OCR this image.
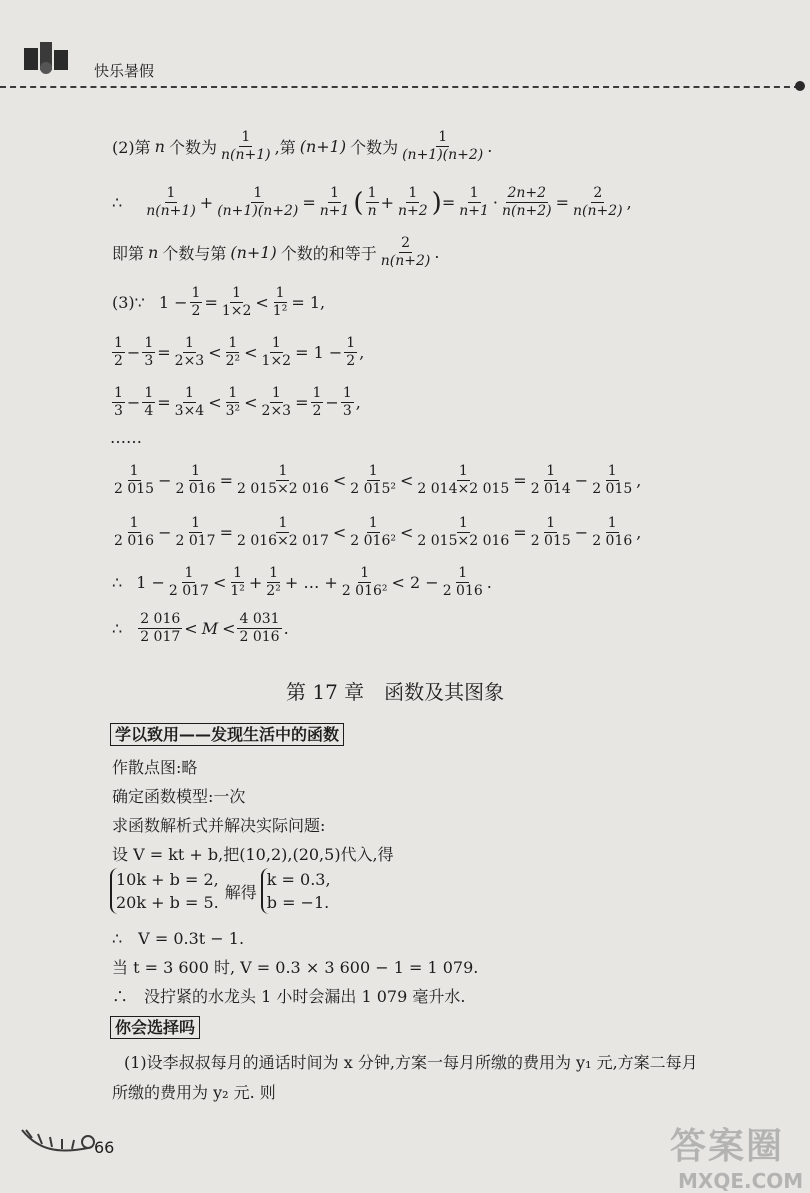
快乐暑假
(2)第 n 个数为 $\frac{1}{n(n+1)}$ ,第 (n+1) 个数为 $\frac{1}{(n+1)(n+2)}$ .
∴ $\frac{1}{n(n+1)} + \frac{1}{(n+1)(n+2)} = \frac{1}{n+1}$ ( $\frac{1}{n} + \frac{1}{n+2}$ ) = $\frac{1}{n+1} \cdot \frac{2n+2}{n(n+2)} = \frac{2}{n(n+2)}$ ,
即第 n 个数与第 (n+1) 个数的和等于 $\frac{2}{n(n+2)}$ .
(3)∵ $1 - \frac{1}{2} = \frac{1}{1\times 2} < \frac{1}{\text{1²}} = 1$,
$\frac{1}{2} - \frac{1}{3} = \frac{1}{2\times 3} < \frac{1}{\text{2²}} < \frac{1}{1\times 2} = 1 - \frac{1}{2}$ ,
$\frac{1}{3} - \frac{1}{4} = \frac{1}{3\times 4} < \frac{1}{\text{3²}} < \frac{1}{2\times 3} = \frac{1}{2} - \frac{1}{3}$ ,
……
$\frac{1}{2 015} - \frac{1}{2 016} = \frac{1}{2 015\times 2 016} < \frac{1}{\text{2 015²}} < \frac{1}{2 014\times 2 015} = \frac{1}{2 014} - \frac{1}{2 015}$ ,
$\frac{1}{2 016} - \frac{1}{2 017} = \frac{1}{2 016\times 2 017} < \frac{1}{\text{2 016²}} < \frac{1}{2 015\times 2 016} = \frac{1}{2 015} - \frac{1}{2 016}$ ,
∴ $1 - \frac{1}{2 017} < \frac{1}{\text{1²}} + \frac{1}{\text{2²}}$ + … + $\frac{1}{\text{2 016²}} < 2 - \frac{1}{2 016}$ .
∴ $\frac{2 016}{2 017} < M < \frac{4 031}{2 016}$ .
第 17 章　函数及其图象
学以致用——发现生活中的函数
作散点图:略
确定函数模型:一次
求函数解析式并解决实际问题:
设 V = kt + b,把(10,2),(20,5)代入,得
10k + b = 2,
20k + b = 5.
解得
k = 0.3,
b = −1.
∴　V = 0.3t − 1.
当 t = 3 600 时, V = 0.3 × 3 600 − 1 = 1 079.
∴　没拧紧的水龙头 1 小时会漏出 1 079 毫升水.
你会选择吗
(1)设李叔叔每月的通话时间为 x 分钟,方案一每月所缴的费用为 y₁ 元,方案二每月
所缴的费用为 y₂ 元. 则
66	答案圈
MXQE.COM
